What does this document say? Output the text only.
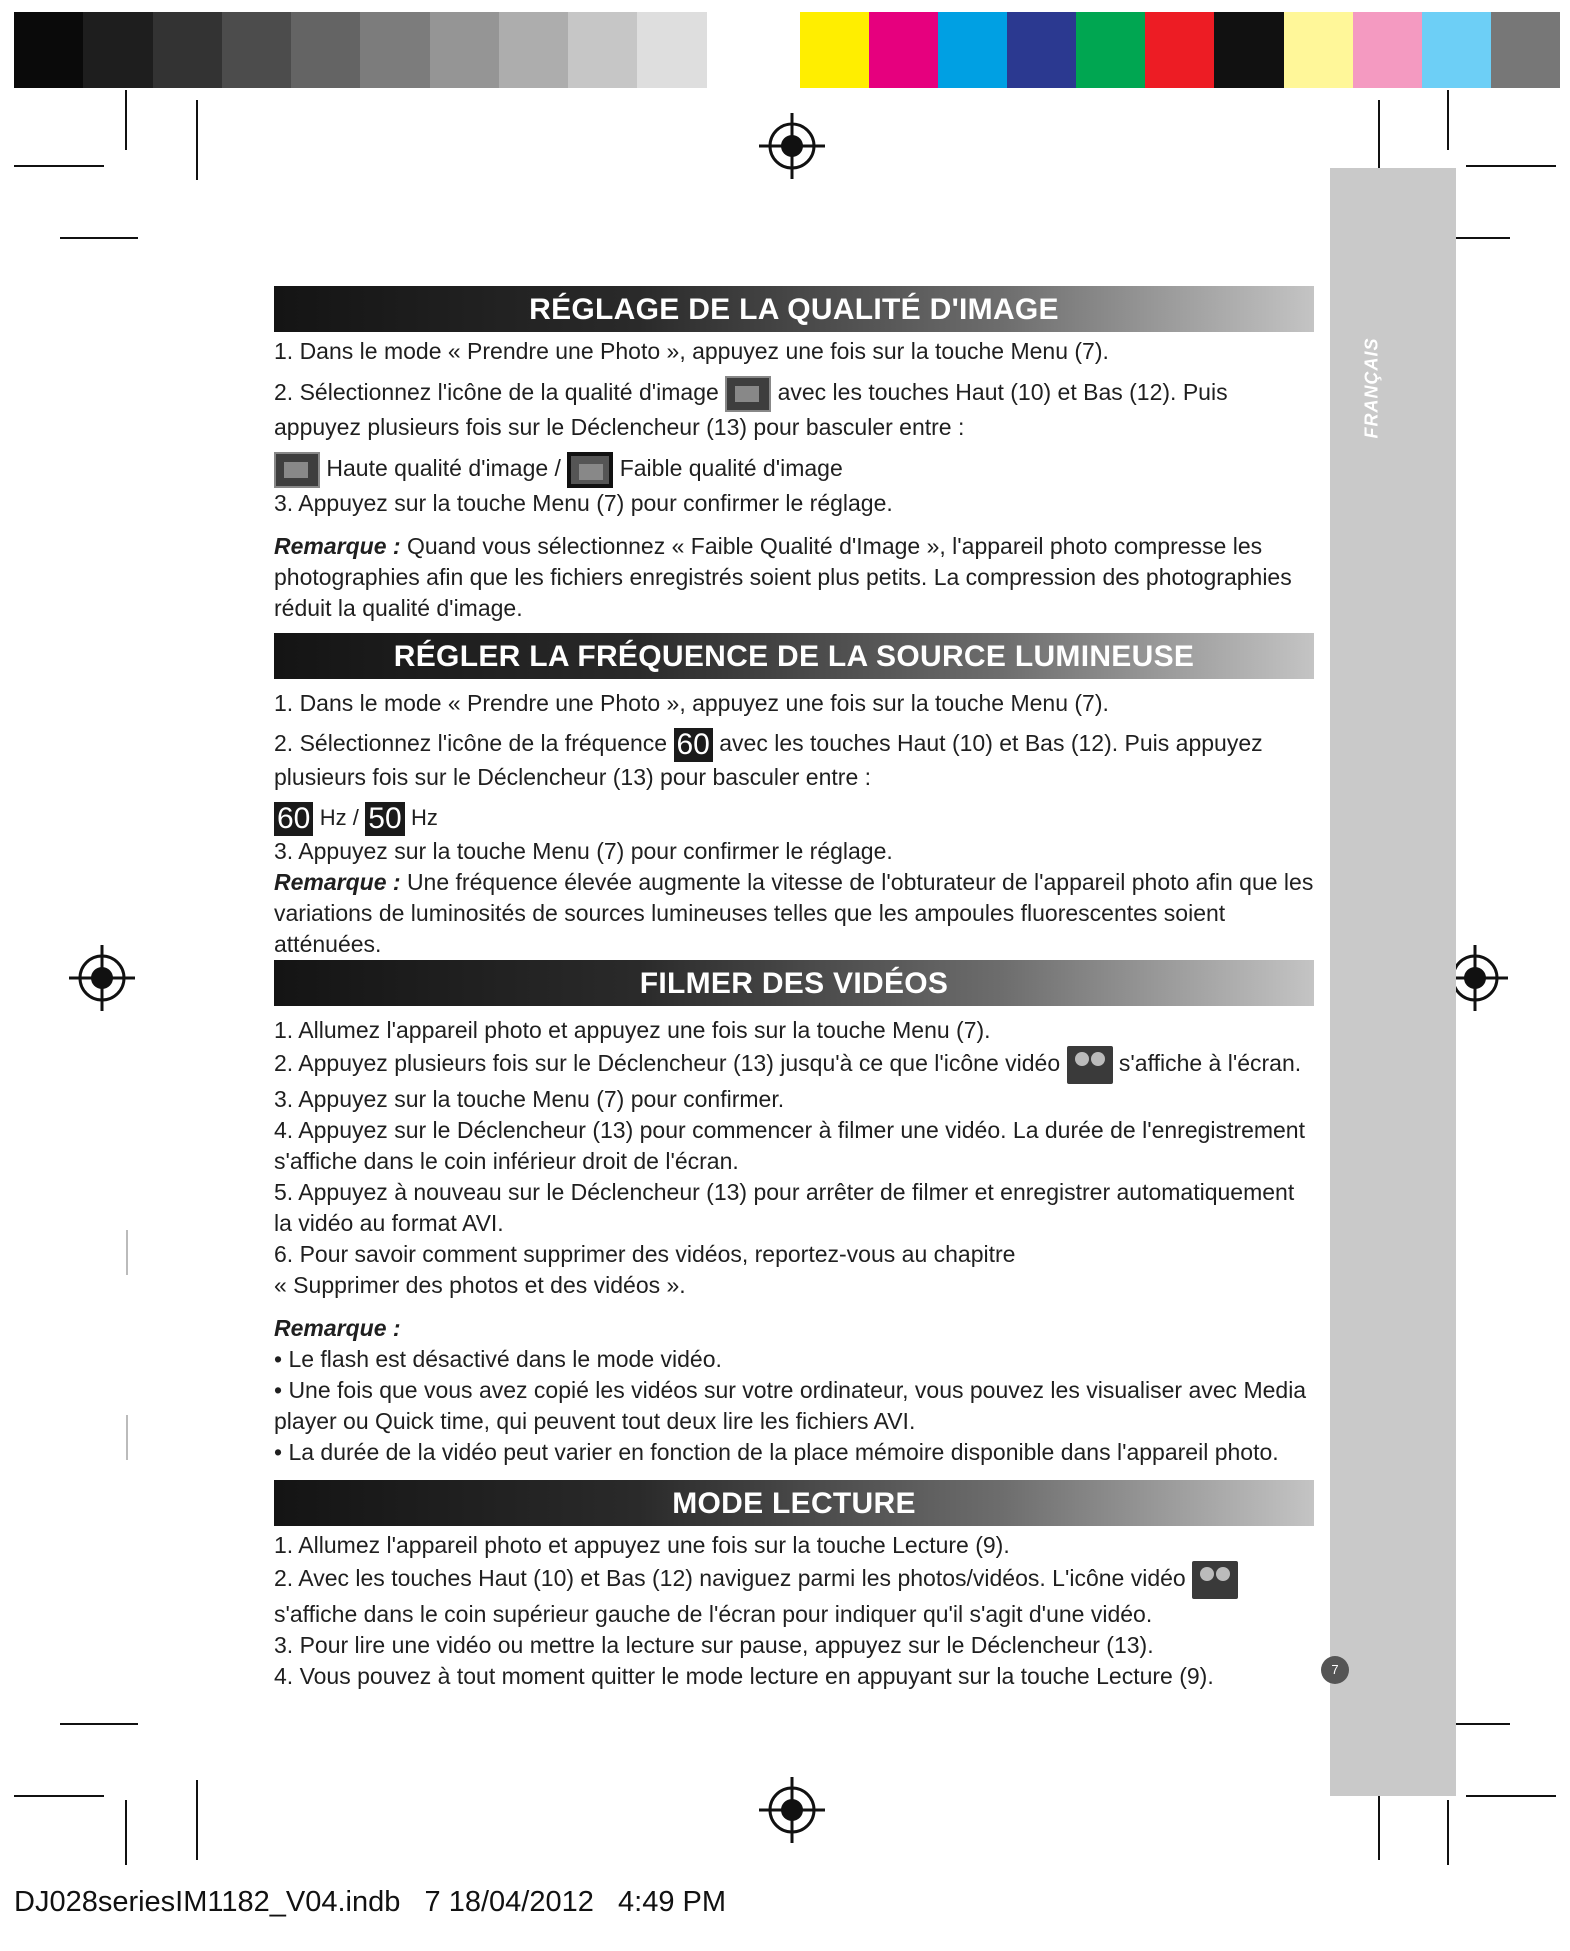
FRANÇAIS
7
RÉGLAGE DE LA QUALITÉ D'IMAGE

1. Dans le mode « Prendre une Photo », appuyez une fois sur la touche Menu (7).

2. Sélectionnez l'icône de la qualité d'image	avec les touches Haut (10) et Bas (12). Puis appuyez plusieurs fois sur le Déclencheur (13) pour basculer entre :

Haute qualité d'image /	Faible qualité d'image

3. Appuyez sur la touche Menu (7) pour confirmer le réglage.

Remarque : Quand vous sélectionnez « Faible Qualité d'Image », l'appareil photo compresse les photographies afin que les fichiers enregistrés soient plus petits. La compression des photographies réduit la qualité d'image.

RÉGLER LA FRÉQUENCE DE LA SOURCE LUMINEUSE

1. Dans le mode « Prendre une Photo », appuyez une fois sur la touche Menu (7).

2. Sélectionnez l'icône de la fréquence 60 avec les touches Haut (10) et Bas (12). Puis appuyez plusieurs fois sur le Déclencheur (13) pour basculer entre :

60 Hz / 50 Hz

3. Appuyez sur la touche Menu (7) pour confirmer le réglage.

Remarque : Une fréquence élevée augmente la vitesse de l'obturateur de l'appareil photo afin que les variations de luminosités de sources lumineuses telles que les ampoules fluorescentes soient atténuées.

FILMER DES VIDÉOS

1. Allumez l'appareil photo et appuyez une fois sur la touche Menu (7).

2. Appuyez plusieurs fois sur le Déclencheur (13) jusqu'à ce que l'icône vidéo	s'affiche à l'écran.

3. Appuyez sur la touche Menu (7) pour confirmer.

4. Appuyez sur le Déclencheur (13) pour commencer à filmer une vidéo. La durée de l'enregistrement s'affiche dans le coin inférieur droit de l'écran.

5. Appuyez à nouveau sur le Déclencheur (13) pour arrêter de filmer et enregistrer automatiquement la vidéo au format AVI.

6. Pour savoir comment supprimer des vidéos, reportez-vous au chapitre

« Supprimer des photos et des vidéos ».

Remarque :

• Le flash est désactivé dans le mode vidéo.

• Une fois que vous avez copié les vidéos sur votre ordinateur, vous pouvez les visualiser avec Media player ou Quick time, qui peuvent tout deux lire les fichiers AVI.

• La durée de la vidéo peut varier en fonction de la place mémoire disponible dans l'appareil photo.

MODE LECTURE

1. Allumez l'appareil photo et appuyez une fois sur la touche Lecture (9).

2. Avec les touches Haut (10) et Bas (12) naviguez parmi les photos/vidéos. L'icône vidéo  s'affiche dans le coin supérieur gauche de l'écran pour indiquer qu'il s'agit d'une vidéo.

3. Pour lire une vidéo ou mettre la lecture sur pause, appuyez sur le Déclencheur (13).

4. Vous pouvez à tout moment quitter le mode lecture en appuyant sur la touche Lecture (9).

DJ028seriesIM1182_V04.indb   7 18/04/2012   4:49 PM
